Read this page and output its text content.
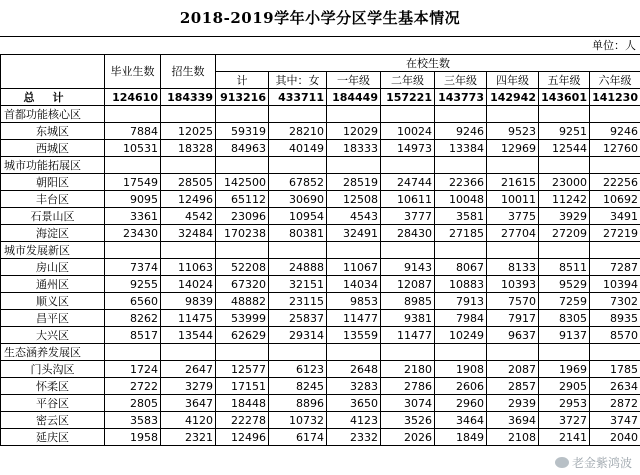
2018-2019学年小学分区学生基本情况
单位：人
	毕业生数	招生数	在校生数							
			计	其中：女	一年级	二年级	三年级	四年级	五年级	六年级
总计	124610	184339	913216	433711	184449	157221	143773	142942	143601	141230
首都功能核心区										
东城区	7884	12025	59319	28210	12029	10024	9246	9523	9251	9246
西城区	10531	18328	84963	40149	18333	14973	13384	12969	12544	12760
城市功能拓展区										
朝阳区	17549	28505	142500	67852	28519	24744	22366	21615	23000	22256
丰台区	9095	12496	65112	30690	12508	10611	10048	10011	11242	10692
石景山区	3361	4542	23096	10954	4543	3777	3581	3775	3929	3491
海淀区	23430	32484	170238	80381	32491	28430	27185	27704	27209	27219
城市发展新区										
房山区	7374	11063	52208	24888	11067	9143	8067	8133	8511	7287
通州区	9255	14024	67320	32151	14034	12087	10883	10393	9529	10394
顺义区	6560	9839	48882	23115	9853	8985	7913	7570	7259	7302
昌平区	8262	11475	53999	25837	11477	9381	7984	7917	8305	8935
大兴区	8517	13544	62629	29314	13559	11477	10249	9637	9137	8570
生态涵养发展区										
门头沟区	1724	2647	12577	6123	2648	2180	1908	2087	1969	1785
怀柔区	2722	3279	17151	8245	3283	2786	2606	2857	2905	2634
平谷区	2805	3647	18448	8896	3650	3074	2960	2939	2953	2872
密云区	3583	4120	22278	10732	4123	3526	3464	3694	3727	3747
延庆区	1958	2321	12496	6174	2332	2026	1849	2108	2141	2040
老金紫鸿波
